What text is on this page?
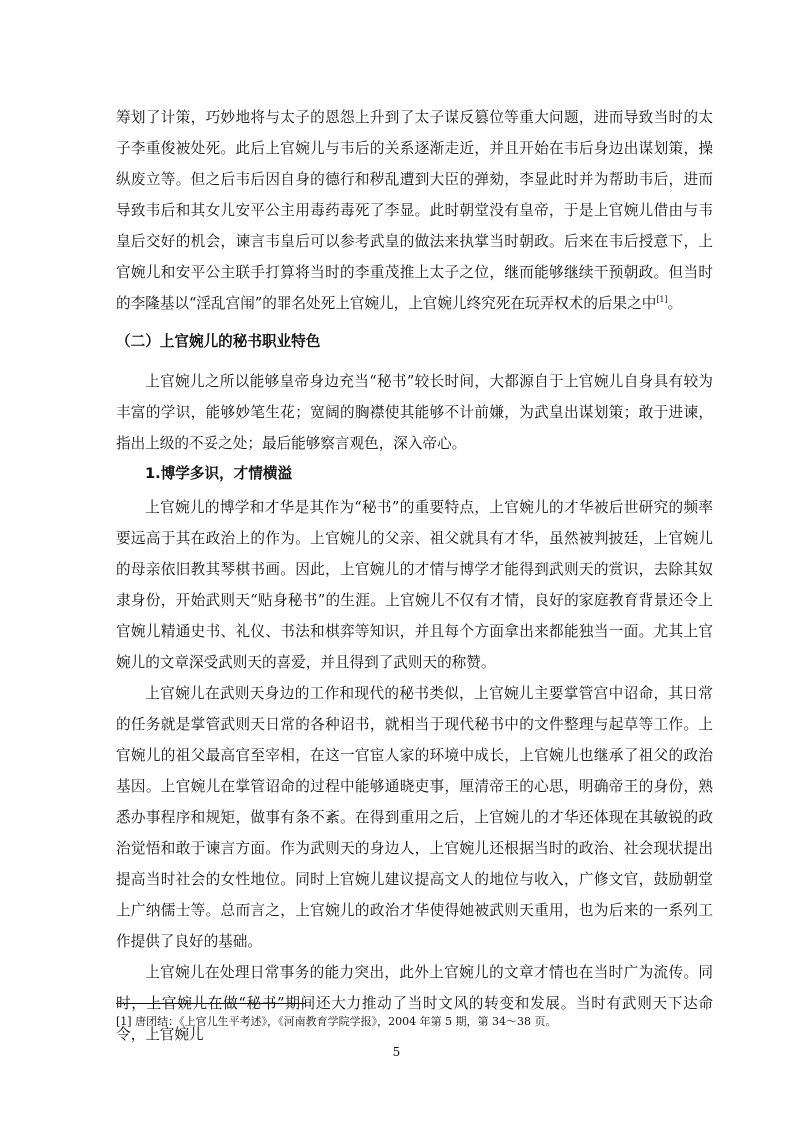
筹划了计策，巧妙地将与太子的恩怨上升到了太子谋反篡位等重大问题，进而导致当时的太子李重俊被处死。此后上官婉儿与韦后的关系逐渐走近，并且开始在韦后身边出谋划策，操纵废立等。但之后韦后因自身的德行和秽乱遭到大臣的弹劾，李显此时并为帮助韦后，进而导致韦后和其女儿安平公主用毒药毒死了李显。此时朝堂没有皇帝，于是上官婉儿借由与韦皇后交好的机会，谏言韦皇后可以参考武皇的做法来执掌当时朝政。后来在韦后授意下，上官婉儿和安平公主联手打算将当时的李重茂推上太子之位，继而能够继续干预朝政。但当时的李隆基以“淫乱宫闱”的罪名处死上官婉儿，上官婉儿终究死在玩弄权术的后果之中[1]。

（二）上官婉儿的秘书职业特色

上官婉儿之所以能够皇帝身边充当“秘书”较长时间，大都源自于上官婉儿自身具有较为丰富的学识，能够妙笔生花；宽阔的胸襟使其能够不计前嫌，为武皇出谋划策；敢于进谏，指出上级的不妥之处；最后能够察言观色，深入帝心。

1.博学多识，才情横溢

上官婉儿的博学和才华是其作为“秘书”的重要特点，上官婉儿的才华被后世研究的频率要远高于其在政治上的作为。上官婉儿的父亲、祖父就具有才华，虽然被判披廷，上官婉儿的母亲依旧教其琴棋书画。因此，上官婉儿的才情与博学才能得到武则天的赏识，去除其奴隶身份，开始武则天“贴身秘书”的生涯。上官婉儿不仅有才情，良好的家庭教育背景还令上官婉儿精通史书、礼仪、书法和棋弈等知识，并且每个方面拿出来都能独当一面。尤其上官婉儿的文章深受武则天的喜爱，并且得到了武则天的称赞。

上官婉儿在武则天身边的工作和现代的秘书类似，上官婉儿主要掌管宫中诏命，其日常的任务就是掌管武则天日常的各种诏书，就相当于现代秘书中的文件整理与起草等工作。上官婉儿的祖父最高官至宰相，在这一官宦人家的环境中成长，上官婉儿也继承了祖父的政治基因。上官婉儿在掌管诏命的过程中能够通晓吏事，厘清帝王的心思，明确帝王的身份，熟悉办事程序和规矩，做事有条不紊。在得到重用之后，上官婉儿的才华还体现在其敏锐的政治觉悟和敢于谏言方面。作为武则天的身边人，上官婉儿还根据当时的政治、社会现状提出提高当时社会的女性地位。同时上官婉儿建议提高文人的地位与收入，广修文官，鼓励朝堂上广纳儒士等。总而言之，上官婉儿的政治才华使得她被武则天重用，也为后来的一系列工作提供了良好的基础。

上官婉儿在处理日常事务的能力突出，此外上官婉儿的文章才情也在当时广为流传。同时，上官婉儿在做“秘书”期间还大力推动了当时文风的转变和发展。当时有武则天下达命令，上官婉儿

[1] 唐团结：《上官儿生平考述》，《河南教育学院学报》，2004 年第 5 期，第 34～38 页。
5
